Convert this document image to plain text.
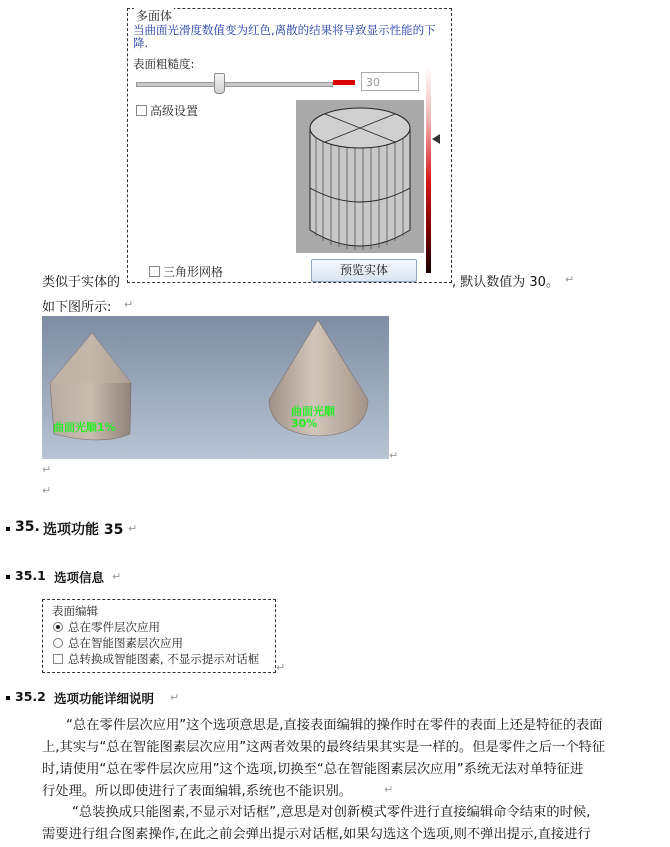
多面体
当曲面光滑度数值变为红色,离散的结果将导致显示性能的下降.
表面粗糙度:
30
高级设置
三角形网格	预览实体
类似于实体的	, 默认数值为 30。 ↵
如下图所示: ↵
曲面光顺1%
曲面光顺
30%
↵
↵
↵
35. 选项功能 35 ↵
35.1 选项信息 ↵
表面编辑
总在零件层次应用
总在智能图素层次应用
总转换成智能图素, 不显示提示对话框
↵
35.2 选项功能详细说明 ↵
“总在零件层次应用”这个选项意思是,直接表面编辑的操作时在零件的表面上还是特征的表面
上,其实与“总在智能图素层次应用”这两者效果的最终结果其实是一样的。但是零件之后一个特征
时,请使用“总在零件层次应用”这个选项,切换至“总在智能图素层次应用”系统无法对单特征进
行处理。所以即使进行了表面编辑,系统也不能识别。	↵
“总装换成只能图素,不显示对话框”,意思是对创新模式零件进行直接编辑命令结束的时候,
需要进行组合图素操作,在此之前会弹出提示对话框,如果勾选这个选项,则不弹出提示,直接进行
